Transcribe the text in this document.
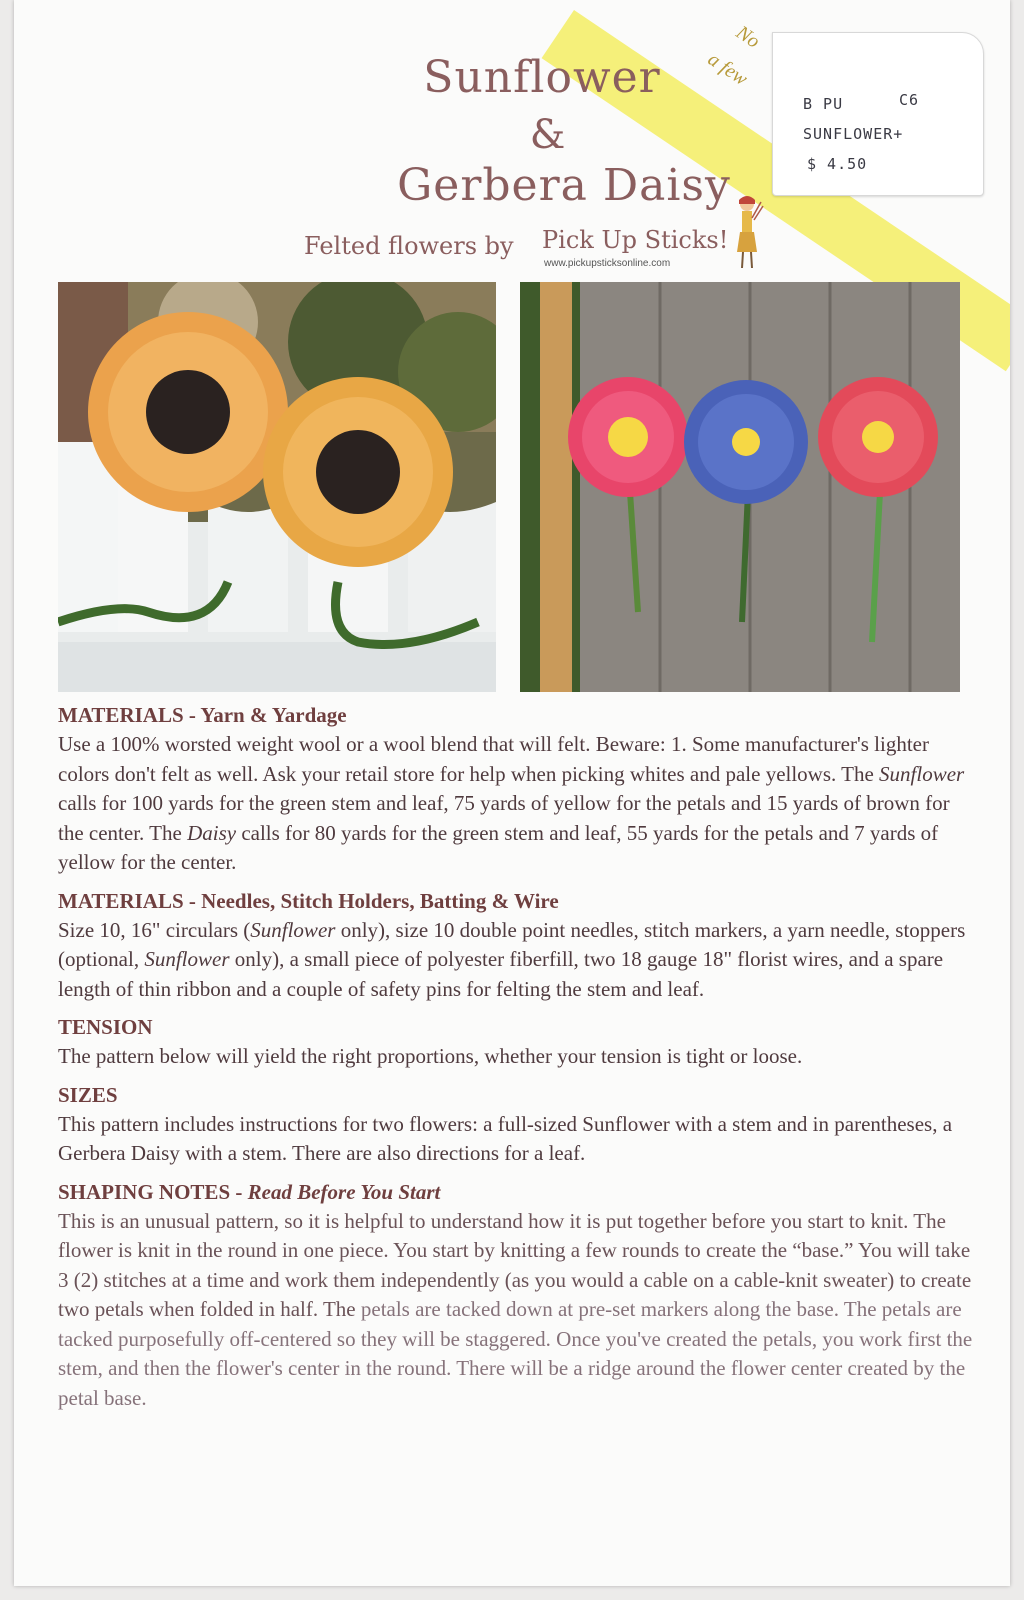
No
a few
B PU	C6
SUNFLOWER+
$ 4.50
Sunflower
&
Gerbera Daisy
Felted flowers by Pick Up Sticks!
www.pickupsticksonline.com

MATERIALS - Yarn & Yardage

Use a 100% worsted weight wool or a wool blend that will felt. Beware: 1. Some manufacturer's lighter colors don't felt as well. Ask your retail store for help when picking whites and pale yellows. The Sunflower calls for 100 yards for the green stem and leaf, 75 yards of yellow for the petals and 15 yards of brown for the center. The Daisy calls for 80 yards for the green stem and leaf, 55 yards for the petals and 7 yards of yellow for the center.

MATERIALS - Needles, Stitch Holders, Batting & Wire

Size 10, 16" circulars (Sunflower only), size 10 double point needles, stitch markers, a yarn needle, stoppers (optional, Sunflower only), a small piece of polyester fiberfill, two 18 gauge 18" florist wires, and a spare length of thin ribbon and a couple of safety pins for felting the stem and leaf.

TENSION

The pattern below will yield the right proportions, whether your tension is tight or loose.

SIZES

This pattern includes instructions for two flowers: a full-sized Sunflower with a stem and in parentheses, a Gerbera Daisy with a stem. There are also directions for a leaf.

SHAPING NOTES - Read Before You Start

This is an unusual pattern, so it is helpful to understand how it is put together before you start to knit. The flower is knit in the round in one piece. You start by knitting a few rounds to create the “base.” You will take 3 (2) stitches at a time and work them independently (as you would a cable on a cable-knit sweater) to create two petals when folded in half. The petals are tacked down at pre-set markers along the base. The petals are tacked purposefully off-centered so they will be staggered. Once you've created the petals, you work first the stem, and then the flower's center in the round. There will be a ridge around the flower center created by the petal base.
